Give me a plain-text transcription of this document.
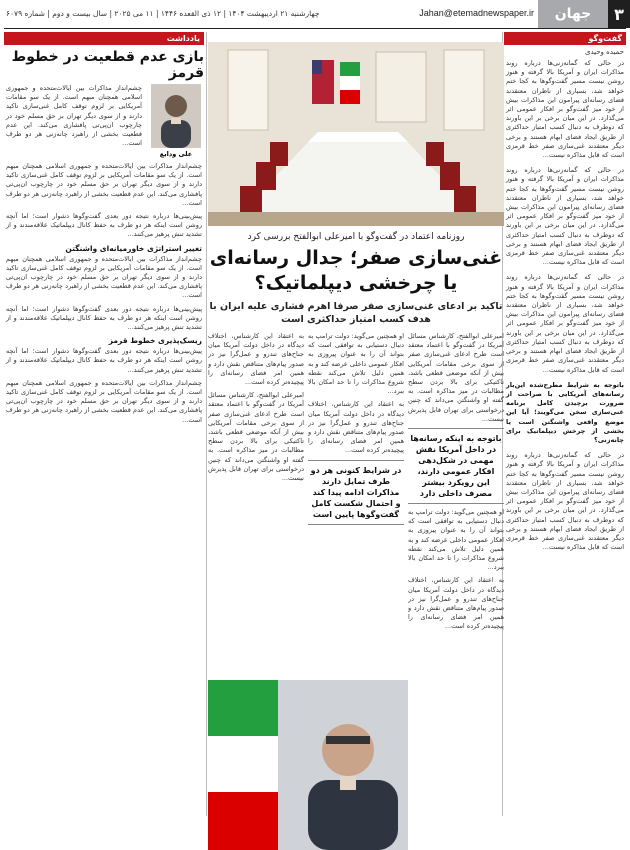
۳
جهان
Jahan@etemadnewspaper.ir
چهارشنبه ۲۱ اردیبهشت ۱۴۰۴ | ۱۲ ذی القعده ۱۴۴۶ | ۱۱ می ۲۰۲۵ | سال بیست و دوم | شماره ۶۰۷۹
گفت‌وگو
حمیده وحیدی
در حالی که گمانه‌زنی‌ها درباره روند مذاکرات ایران و آمریکا بالا گرفته و هنوز روشن نیست مسیر گفت‌وگوها به کجا ختم خواهد شد، بسیاری از ناظران معتقدند فضای رسانه‌ای پیرامون این مذاکرات بیش از خود میز گفت‌وگو بر افکار عمومی اثر می‌گذارد. در این میان برخی بر این باورند که دوطرف به دنبال کسب امتیاز حداکثری از طریق ایجاد فضای ابهام هستند و برخی دیگر معتقدند غنی‌سازی صفر خط قرمزی است که قابل مذاکره نیست...
در حالی که گمانه‌زنی‌ها درباره روند مذاکرات ایران و آمریکا بالا گرفته و هنوز روشن نیست مسیر گفت‌وگوها به کجا ختم خواهد شد، بسیاری از ناظران معتقدند فضای رسانه‌ای پیرامون این مذاکرات بیش از خود میز گفت‌وگو بر افکار عمومی اثر می‌گذارد. در این میان برخی بر این باورند که دوطرف به دنبال کسب امتیاز حداکثری از طریق ایجاد فضای ابهام هستند و برخی دیگر معتقدند غنی‌سازی صفر خط قرمزی است که قابل مذاکره نیست...
در حالی که گمانه‌زنی‌ها درباره روند مذاکرات ایران و آمریکا بالا گرفته و هنوز روشن نیست مسیر گفت‌وگوها به کجا ختم خواهد شد، بسیاری از ناظران معتقدند فضای رسانه‌ای پیرامون این مذاکرات بیش از خود میز گفت‌وگو بر افکار عمومی اثر می‌گذارد. در این میان برخی بر این باورند که دوطرف به دنبال کسب امتیاز حداکثری از طریق ایجاد فضای ابهام هستند و برخی دیگر معتقدند غنی‌سازی صفر خط قرمزی است که قابل مذاکره نیست...
باتوجه به شرایط مطرح‌شده این‌بار رسانه‌های آمریکایی با صراحت از ضرورت برچیدن کامل برنامه غنی‌سازی سخن می‌گویند؛ آیا این موضع واقعی واشنگتن است یا بخشی از چرخش دیپلماتیک برای چانه‌زنی؟
در حالی که گمانه‌زنی‌ها درباره روند مذاکرات ایران و آمریکا بالا گرفته و هنوز روشن نیست مسیر گفت‌وگوها به کجا ختم خواهد شد، بسیاری از ناظران معتقدند فضای رسانه‌ای پیرامون این مذاکرات بیش از خود میز گفت‌وگو بر افکار عمومی اثر می‌گذارد. در این میان برخی بر این باورند که دوطرف به دنبال کسب امتیاز حداکثری از طریق ایجاد فضای ابهام هستند و برخی دیگر معتقدند غنی‌سازی صفر خط قرمزی است که قابل مذاکره نیست...
یادداشت
بازی عدم قطعیت در خطوط قرمز
علی ودایع
چشم‌انداز مذاکرات بین ایالات‌متحده و جمهوری اسلامی همچنان مبهم است. از یک سو مقامات آمریکایی بر لزوم توقف کامل غنی‌سازی تاکید دارند و از سوی دیگر تهران بر حق مسلم خود در چارچوب ان‌پی‌تی پافشاری می‌کند. این عدم قطعیت بخشی از راهبرد چانه‌زنی هر دو طرف است...
چشم‌انداز مذاکرات بین ایالات‌متحده و جمهوری اسلامی همچنان مبهم است. از یک سو مقامات آمریکایی بر لزوم توقف کامل غنی‌سازی تاکید دارند و از سوی دیگر تهران بر حق مسلم خود در چارچوب ان‌پی‌تی پافشاری می‌کند. این عدم قطعیت بخشی از راهبرد چانه‌زنی هر دو طرف است...
پیش‌بینی‌ها درباره نتیجه دور بعدی گفت‌وگوها دشوار است؛ اما آنچه روشن است اینکه هر دو طرف به حفظ کانال دیپلماتیک علاقه‌مندند و از تشدید تنش پرهیز می‌کنند...
تغییر استراتژی خاورمیانه‌ای واشنگتن
چشم‌انداز مذاکرات بین ایالات‌متحده و جمهوری اسلامی همچنان مبهم است. از یک سو مقامات آمریکایی بر لزوم توقف کامل غنی‌سازی تاکید دارند و از سوی دیگر تهران بر حق مسلم خود در چارچوب ان‌پی‌تی پافشاری می‌کند. این عدم قطعیت بخشی از راهبرد چانه‌زنی هر دو طرف است...
پیش‌بینی‌ها درباره نتیجه دور بعدی گفت‌وگوها دشوار است؛ اما آنچه روشن است اینکه هر دو طرف به حفظ کانال دیپلماتیک علاقه‌مندند و از تشدید تنش پرهیز می‌کنند...
ریسک‌پذیری خطوط قرمز
پیش‌بینی‌ها درباره نتیجه دور بعدی گفت‌وگوها دشوار است؛ اما آنچه روشن است اینکه هر دو طرف به حفظ کانال دیپلماتیک علاقه‌مندند و از تشدید تنش پرهیز می‌کنند...
چشم‌انداز مذاکرات بین ایالات‌متحده و جمهوری اسلامی همچنان مبهم است. از یک سو مقامات آمریکایی بر لزوم توقف کامل غنی‌سازی تاکید دارند و از سوی دیگر تهران بر حق مسلم خود در چارچوب ان‌پی‌تی پافشاری می‌کند. این عدم قطعیت بخشی از راهبرد چانه‌زنی هر دو طرف است...
روزنامه اعتماد در گفت‌وگو با امیرعلی ابوالفتح بررسی کرد
غنی‌سازی صفر؛ جدال رسانه‌ای یا چرخشی دیپلماتیک؟
تاکید بر ادعای غنی‌سازی صفر صرفا اهرم فشاری علیه ایران با هدف کسب امتیاز حداکثری است
امیرعلی ابوالفتح، کارشناس مسائل آمریکا در گفت‌وگو با اعتماد معتقد است طرح ادعای غنی‌سازی صفر از سوی برخی مقامات آمریکایی بیش از آنکه موضعی قطعی باشد، تاکتیکی برای بالا بردن سطح مطالبات در میز مذاکره است. به گفته او واشنگتن می‌داند که چنین درخواستی برای تهران قابل پذیرش نیست...
باتوجه به اینکه رسانه‌ها در داخل آمریکا نقش مهمی در شکل‌دهی افکار عمومی دارند، این رویکرد بیشتر مصرف داخلی دارد
او همچنین می‌گوید: دولت ترامپ به دنبال دستیابی به توافقی است که بتواند آن را به عنوان پیروزی به افکار عمومی داخلی عرضه کند و به همین دلیل تلاش می‌کند نقطه شروع مذاکرات را تا حد امکان بالا ببرد...
به اعتقاد این کارشناس، اختلاف دیدگاه در داخل دولت آمریکا میان جناح‌های تندرو و عمل‌گرا نیز در صدور پیام‌های متناقض نقش دارد و همین امر فضای رسانه‌ای را پیچیده‌تر کرده است...
او همچنین می‌گوید: دولت ترامپ به دنبال دستیابی به توافقی است که بتواند آن را به عنوان پیروزی به افکار عمومی داخلی عرضه کند و به همین دلیل تلاش می‌کند نقطه شروع مذاکرات را تا حد امکان بالا ببرد...
به اعتقاد این کارشناس، اختلاف دیدگاه در داخل دولت آمریکا میان جناح‌های تندرو و عمل‌گرا نیز در صدور پیام‌های متناقض نقش دارد و همین امر فضای رسانه‌ای را پیچیده‌تر کرده است...
در شرایط کنونی هر دو طرف تمایل دارند مذاکرات ادامه پیدا کند و احتمال شکست کامل گفت‌وگوها پایین است
به اعتقاد این کارشناس، اختلاف دیدگاه در داخل دولت آمریکا میان جناح‌های تندرو و عمل‌گرا نیز در صدور پیام‌های متناقض نقش دارد و همین امر فضای رسانه‌ای را پیچیده‌تر کرده است...
امیرعلی ابوالفتح، کارشناس مسائل آمریکا در گفت‌وگو با اعتماد معتقد است طرح ادعای غنی‌سازی صفر از سوی برخی مقامات آمریکایی بیش از آنکه موضعی قطعی باشد، تاکتیکی برای بالا بردن سطح مطالبات در میز مذاکره است. به گفته او واشنگتن می‌داند که چنین درخواستی برای تهران قابل پذیرش نیست...
